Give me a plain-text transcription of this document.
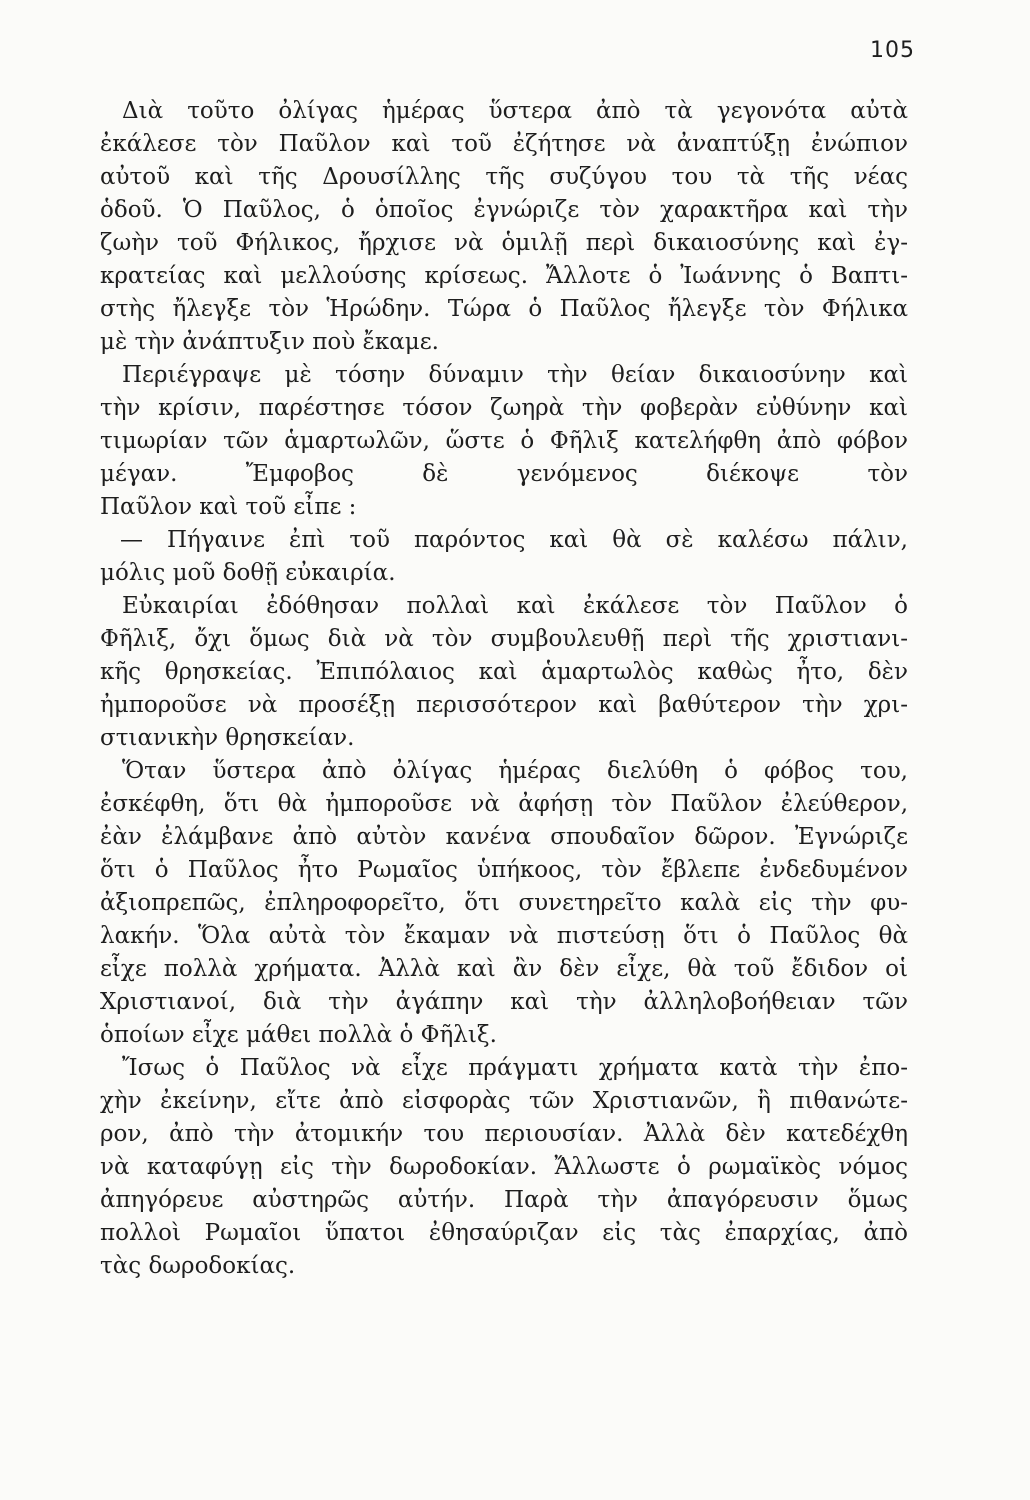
105
Διὰ τοῦτο ὀλίγας ἡμέρας ὕστερα ἀπὸ τὰ γεγονότα αὐτὰ
ἐκάλεσε τὸν Παῦλον καὶ τοῦ ἐζήτησε νὰ ἀναπτύξῃ ἐνώπιον
αὐτοῦ καὶ τῆς Δρουσίλλης τῆς συζύγου του τὰ τῆς νέας
ὁδοῦ. Ὁ Παῦλος, ὁ ὁποῖος ἐγνώριζε τὸν χαρακτῆρα καὶ τὴν
ζωὴν τοῦ Φήλικος, ἤρχισε νὰ ὁμιλῇ περὶ δικαιοσύνης καὶ ἐγ-
κρατείας καὶ μελλούσης κρίσεως. Ἄλλοτε ὁ Ἰωάννης ὁ Βαπτι-
στὴς ἤλεγξε τὸν Ἡρώδην. Τώρα ὁ Παῦλος ἤλεγξε τὸν Φήλικα
μὲ τὴν ἀνάπτυξιν ποὺ ἔκαμε.
Περιέγραψε μὲ τόσην δύναμιν τὴν θείαν δικαιοσύνην καὶ
τὴν κρίσιν, παρέστησε τόσον ζωηρὰ τὴν φοβερὰν εὐθύνην καὶ
τιμωρίαν τῶν ἁμαρτωλῶν, ὥστε ὁ Φῆλιξ κατελήφθη ἀπὸ φόβον
μέγαν. Ἔμφοβος δὲ γενόμενος διέκοψε τὸν
Παῦλον καὶ τοῦ εἶπε :
— Πήγαινε ἐπὶ τοῦ παρόντος καὶ θὰ σὲ καλέσω πάλιν,
μόλις μοῦ δοθῇ εὐκαιρία.
Εὐκαιρίαι ἐδόθησαν πολλαὶ καὶ ἐκάλεσε τὸν Παῦλον ὁ
Φῆλιξ, ὄχι ὅμως διὰ νὰ τὸν συμβουλευθῇ περὶ τῆς χριστιανι-
κῆς θρησκείας. Ἐπιπόλαιος καὶ ἁμαρτωλὸς καθὼς ἦτο, δὲν
ἠμποροῦσε νὰ προσέξῃ περισσότερον καὶ βαθύτερον τὴν χρι-
στιανικὴν θρησκείαν.
Ὅταν ὕστερα ἀπὸ ὀλίγας ἡμέρας διελύθη ὁ φόβος του,
ἐσκέφθη, ὅτι θὰ ἠμποροῦσε νὰ ἀφήσῃ τὸν Παῦλον ἐλεύθερον,
ἐὰν ἐλάμβανε ἀπὸ αὐτὸν κανένα σπουδαῖον δῶρον. Ἐγνώριζε
ὅτι ὁ Παῦλος ἦτο Ρωμαῖος ὑπήκοος, τὸν ἔβλεπε ἐνδεδυμένον
ἀξιοπρεπῶς, ἐπληροφορεῖτο, ὅτι συνετηρεῖτο καλὰ εἰς τὴν φυ-
λακήν. Ὅλα αὐτὰ τὸν ἔκαμαν νὰ πιστεύσῃ ὅτι ὁ Παῦλος θὰ
εἶχε πολλὰ χρήματα. Ἀλλὰ καὶ ἂν δὲν εἶχε, θὰ τοῦ ἔδιδον οἱ
Χριστιανοί, διὰ τὴν ἀγάπην καὶ τὴν ἀλληλοβοήθειαν τῶν
ὁποίων εἶχε μάθει πολλὰ ὁ Φῆλιξ.
Ἴσως ὁ Παῦλος νὰ εἶχε πράγματι χρήματα κατὰ τὴν ἐπο-
χὴν ἐκείνην, εἴτε ἀπὸ εἰσφορὰς τῶν Χριστιανῶν, ἢ πιθανώτε-
ρον, ἀπὸ τὴν ἀτομικήν του περιουσίαν. Ἀλλὰ δὲν κατεδέχθη
νὰ καταφύγῃ εἰς τὴν δωροδοκίαν. Ἄλλωστε ὁ ρωμαϊκὸς νόμος
ἀπηγόρευε αὐστηρῶς αὐτήν. Παρὰ τὴν ἀπαγόρευσιν ὅμως
πολλοὶ Ρωμαῖοι ὕπατοι ἐθησαύριζαν εἰς τὰς ἐπαρχίας, ἀπὸ
τὰς δωροδοκίας.
